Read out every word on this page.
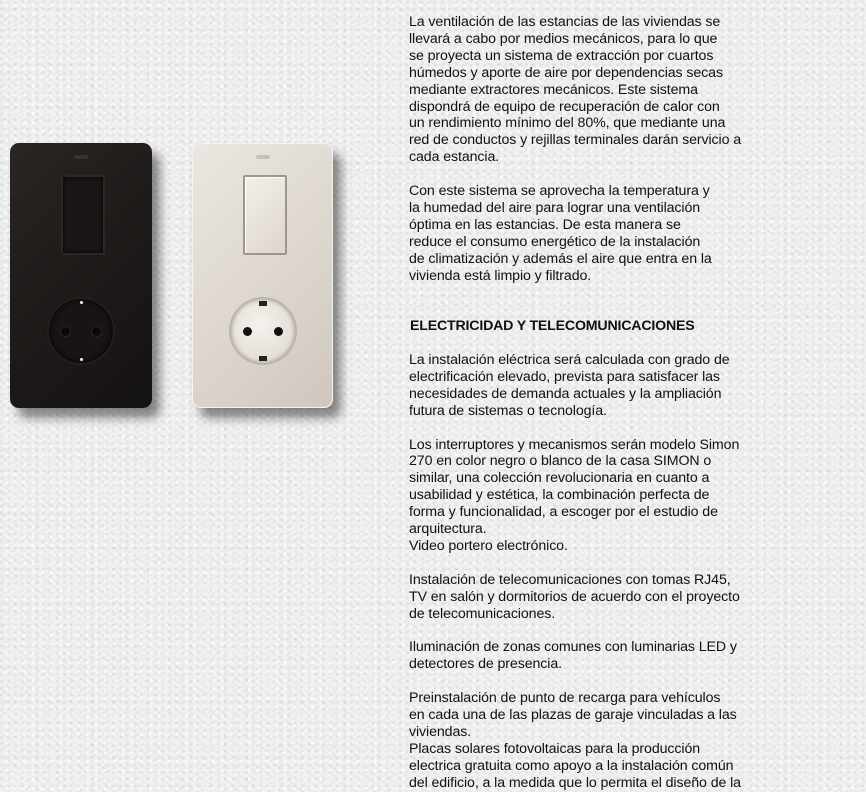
La ventilación de las estancias de las viviendas se

llevará a cabo por medios mecánicos, para lo que

se proyecta un sistema de extracción por cuartos

húmedos y aporte de aire por dependencias secas

mediante extractores mecánicos. Este sistema

dispondrá de equipo de recuperación de calor con

un rendimiento mínimo del 80%, que mediante una

red de conductos y rejillas terminales darán servicio a

cada estancia.

Con este sistema se aprovecha la temperatura y

la humedad del aire para lograr una ventilación

óptima en las estancias. De esta manera se

reduce el consumo energético de la instalación

de climatización y además el aire que entra en la

vivienda está limpio y filtrado.

ELECTRICIDAD Y TELECOMUNICACIONES

La instalación eléctrica será calculada con grado de

electrificación elevado, prevista para satisfacer las

necesidades de demanda actuales y la ampliación

futura de sistemas o tecnología.

Los interruptores y mecanismos serán modelo Simon

270 en color negro o blanco de la casa SIMON o

similar, una colección revolucionaria en cuanto a

usabilidad y estética, la combinación perfecta de

forma y funcionalidad, a escoger por el estudio de

arquitectura.

Video portero electrónico.

Instalación de telecomunicaciones con tomas RJ45,

TV en salón y dormitorios de acuerdo con el proyecto

de telecomunicaciones.

Iluminación de zonas comunes con luminarias LED y

detectores de presencia.

Preinstalación de punto de recarga para vehículos

en cada una de las plazas de garaje vinculadas a las

viviendas.

Placas solares fotovoltaicas para la producción

electrica gratuita como apoyo a la instalación común

del edificio, a la medida que lo permita el diseño de la
